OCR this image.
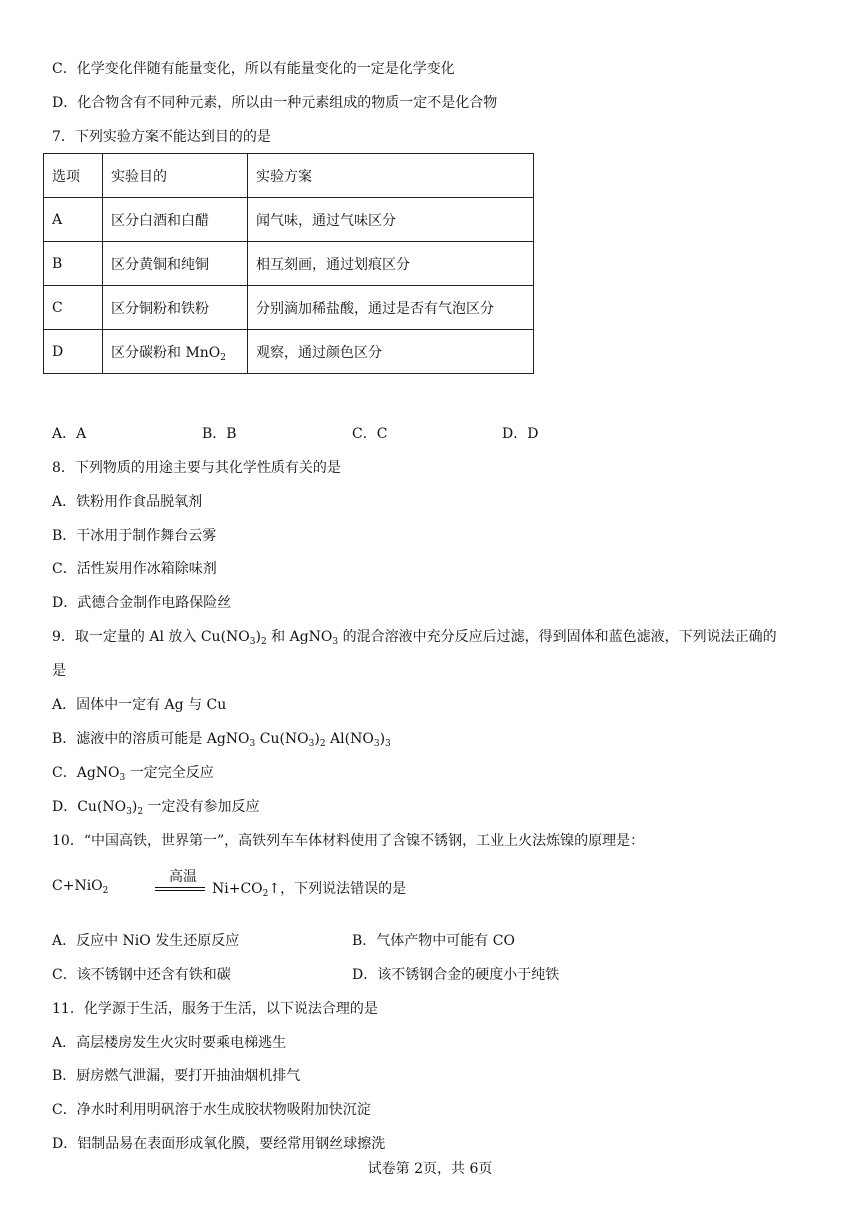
C．化学变化伴随有能量变化，所以有能量变化的一定是化学变化
D．化合物含有不同种元素，所以由一种元素组成的物质一定不是化合物
7．下列实验方案不能达到目的的是
选项	实验目的	实验方案
A	区分白酒和白醋	闻气味，通过气味区分
B	区分黄铜和纯铜	相互刻画，通过划痕区分
C	区分铜粉和铁粉	分别滴加稀盐酸，通过是否有气泡区分
D	区分碳粉和 MnO$_2$	观察，通过颜色区分
A．A	B．B	C．C	D．D
8．下列物质的用途主要与其化学性质有关的是
A．铁粉用作食品脱氧剂
B．干冰用于制作舞台云雾
C．活性炭用作冰箱除味剂
D．武德合金制作电路保险丝
9．取一定量的 Al 放入 $Cu(NO_3)_2$ 和 AgNO$_3$ 的混合溶液中充分反应后过滤，得到固体和蓝色滤液，下列说法正确的
是
A．固体中一定有 Ag 与 Cu
B．滤液中的溶质可能是 AgNO$_3$ $Cu(NO_3)_2$ $Al(NO_3)_3$
C．AgNO$_3$ 一定完全反应
D．$Cu(NO_3)_2$ 一定没有参加反应
10．“中国高铁，世界第一”，高铁列车车体材料使用了含镍不锈钢，工业上火法炼镍的原理是：
C+NiO$_2$
高温
$Ni+CO_2↑$，下列说法错误的是
A．反应中 NiO 发生还原反应	B．气体产物中可能有 CO
C．该不锈钢中还含有铁和碳	D．该不锈钢合金的硬度小于纯铁
11．化学源于生活，服务于生活，以下说法合理的是
A．高层楼房发生火灾时要乘电梯逃生
B．厨房燃气泄漏，要打开抽油烟机排气
C．净水时利用明矾溶于水生成胶状物吸附加快沉淀
D．铝制品易在表面形成氧化膜，要经常用钢丝球擦洗
试卷第 2页，共 6页
